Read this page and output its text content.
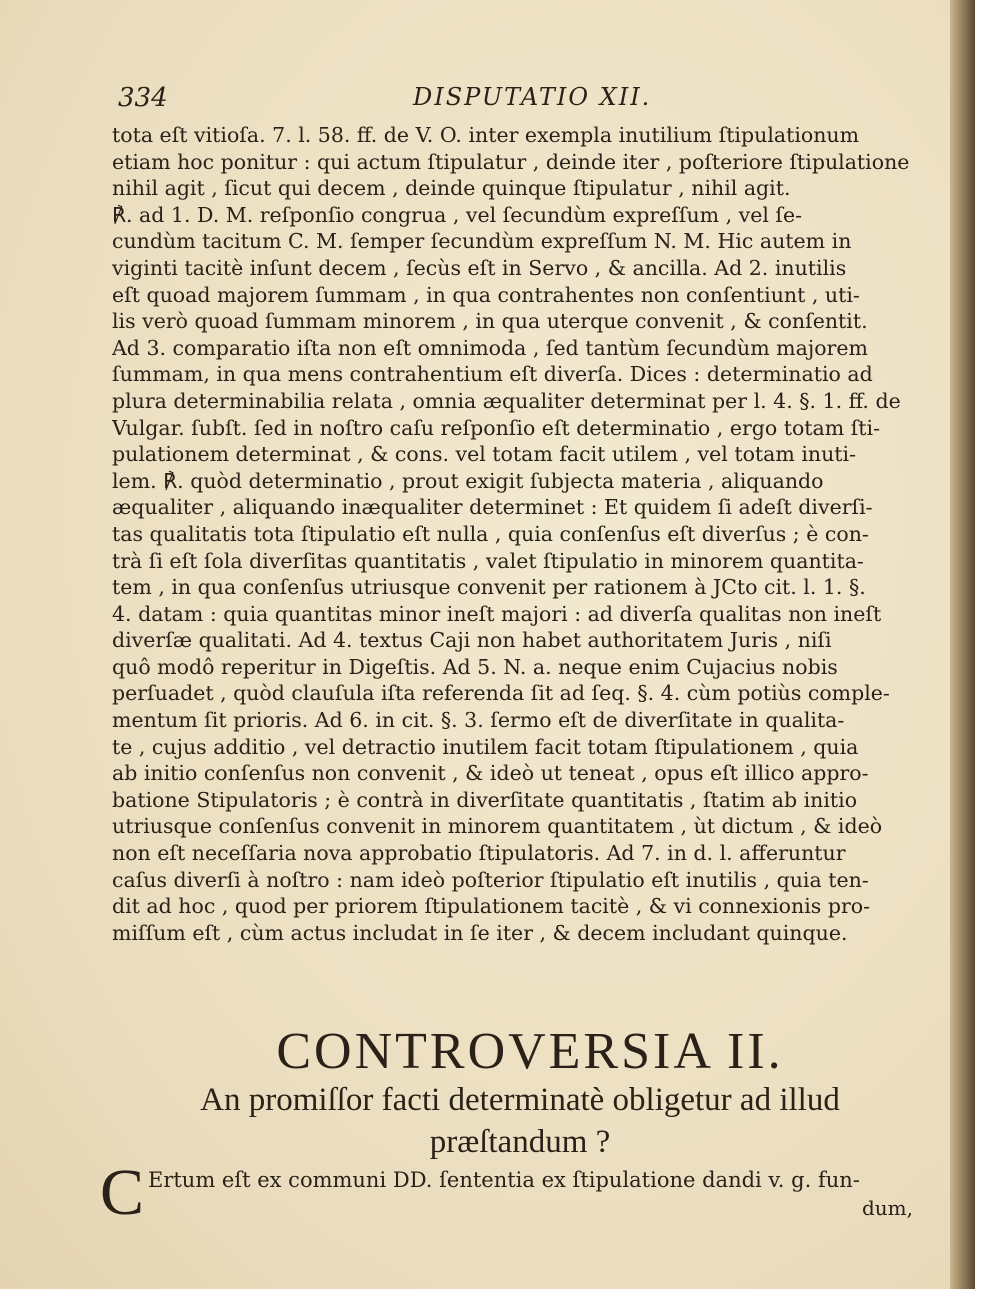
334	DISPUTATIO XII.
tota eſt vitioſa. 7. l. 58. ff. de V. O. inter exempla inutilium ſtipulationum
etiam hoc ponitur : qui actum ſtipulatur , deinde iter , poſteriore ſtipulatione
nihil agit , ſicut qui decem , deinde quinque ſtipulatur , nihil agit.
℟. ad 1. D. M. reſponſio congrua , vel ſecundùm expreſſum , vel ſe-
cundùm tacitum C. M. ſemper ſecundùm expreſſum N. M. Hic autem in
viginti tacitè inſunt decem , ſecùs eſt in Servo , & ancilla. Ad 2. inutilis
eſt quoad majorem ſummam , in qua contrahentes non conſentiunt , uti-
lis verò quoad ſummam minorem , in qua uterque convenit , & conſentit.
Ad 3. comparatio iſta non eſt omnimoda , ſed tantùm ſecundùm majorem
ſummam, in qua mens contrahentium eſt diverſa. Dices : determinatio ad
plura determinabilia relata , omnia æqualiter determinat per l. 4. §. 1. ff. de
Vulgar. ſubſt. ſed in noſtro caſu reſponſio eſt determinatio , ergo totam ſti-
pulationem determinat , & cons. vel totam facit utilem , vel totam inuti-
lem. ℟. quòd determinatio , prout exigit ſubjecta materia , aliquando
æqualiter , aliquando inæqualiter determinet : Et quidem ſi adeſt diverſi-
tas qualitatis tota ſtipulatio eſt nulla , quia conſenſus eſt diverſus ; è con-
trà ſi eſt ſola diverſitas quantitatis , valet ſtipulatio in minorem quantita-
tem , in qua conſenſus utriusque convenit per rationem à JCto cit. l. 1. §.
4. datam : quia quantitas minor ineſt majori : ad diverſa qualitas non ineſt
diverſæ qualitati. Ad 4. textus Caji non habet authoritatem Juris , niſi
quô modô reperitur in Digeſtis. Ad 5. N. a. neque enim Cujacius nobis
perſuadet , quòd clauſula iſta referenda ſit ad ſeq. §. 4. cùm potiùs comple-
mentum ſit prioris. Ad 6. in cit. §. 3. ſermo eſt de diverſitate in qualita-
te , cujus additio , vel detractio inutilem facit totam ſtipulationem , quia
ab initio conſenſus non convenit , & ideò ut teneat , opus eſt illico appro-
batione Stipulatoris ; è contrà in diverſitate quantitatis , ſtatim ab initio
utriusque conſenſus convenit in minorem quantitatem , ùt dictum , & ideò
non eſt neceſſaria nova approbatio ſtipulatoris. Ad 7. in d. l. afferuntur
caſus diverſi à noſtro : nam ideò poſterior ſtipulatio eſt inutilis , quia ten-
dit ad hoc , quod per priorem ſtipulationem tacitè , & vi connexionis pro-
miſſum eſt , cùm actus includat in ſe iter , & decem includant quinque.
CONTROVERSIA II.
An promiſſor facti determinatè obligetur ad illud
præſtandum ?
C Ertum eſt ex communi DD. ſententia ex ſtipulatione dandi v. g. fun-
dum,
